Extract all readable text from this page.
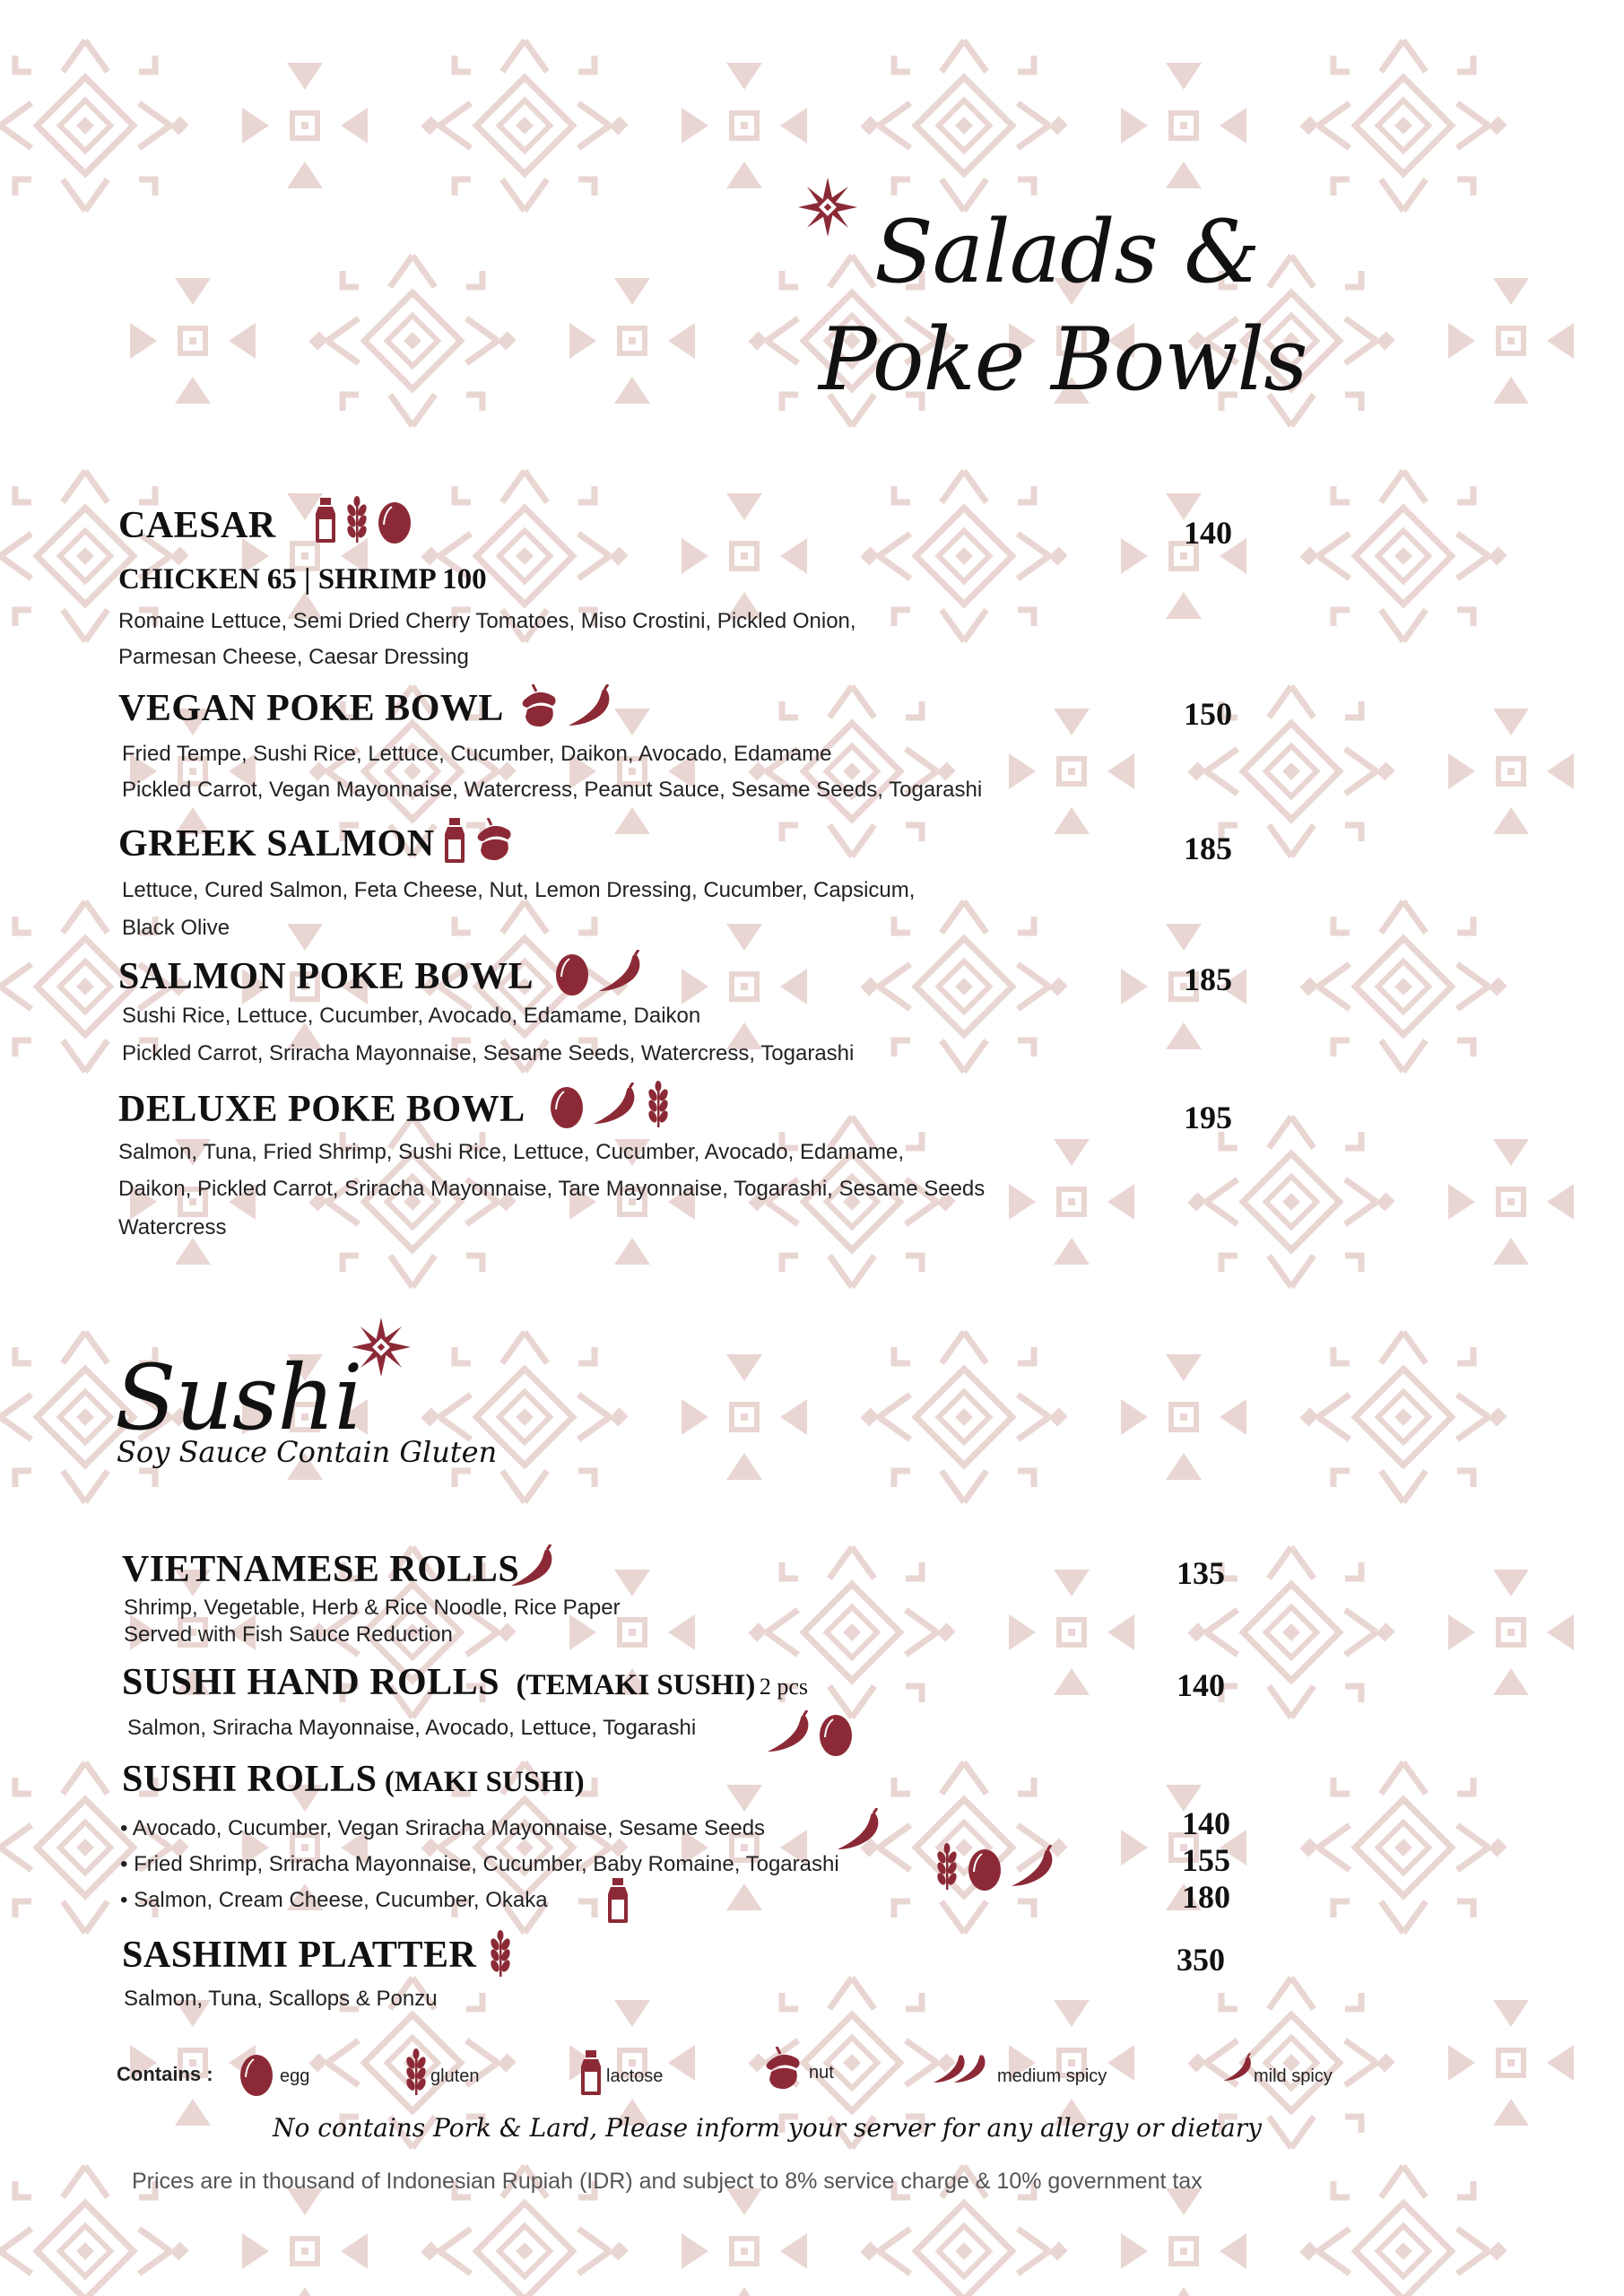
Salads &
Poke Bowls
CAESAR	140
CHICKEN 65 | SHRIMP 100
Romaine Lettuce, Semi Dried Cherry Tomatoes, Miso Crostini, Pickled Onion,
Parmesan Cheese, Caesar Dressing
VEGAN POKE BOWL	150
Fried Tempe, Sushi Rice, Lettuce, Cucumber, Daikon, Avocado, Edamame
Pickled Carrot, Vegan Mayonnaise, Watercress, Peanut Sauce, Sesame Seeds, Togarashi
GREEK SALMON	185
Lettuce, Cured Salmon, Feta Cheese, Nut, Lemon Dressing, Cucumber, Capsicum,
Black Olive
SALMON POKE BOWL	185
Sushi Rice, Lettuce, Cucumber, Avocado, Edamame, Daikon
Pickled Carrot, Sriracha Mayonnaise, Sesame Seeds, Watercress, Togarashi
DELUXE POKE BOWL	195
Salmon, Tuna, Fried Shrimp, Sushi Rice, Lettuce, Cucumber, Avocado, Edamame,
Daikon, Pickled Carrot, Sriracha Mayonnaise, Tare Mayonnaise, Togarashi, Sesame Seeds
Watercress
Sushi
Soy Sauce Contain Gluten
VIETNAMESE ROLLS	135
Shrimp, Vegetable, Herb & Rice Noodle, Rice Paper
Served with Fish Sauce Reduction
SUSHI HAND ROLLS (TEMAKI SUSHI) 2 pcs	140
Salmon, Sriracha Mayonnaise, Avocado, Lettuce, Togarashi
SUSHI ROLLS (MAKI SUSHI)
• Avocado, Cucumber, Vegan Sriracha Mayonnaise, Sesame Seeds	140
• Fried Shrimp, Sriracha Mayonnaise, Cucumber, Baby Romaine, Togarashi	155
• Salmon, Cream Cheese, Cucumber, Okaka	180
SASHIMI PLATTER	350
Salmon, Tuna, Scallops & Ponzu
Contains :	egg	gluten	lactose	nut	medium spicy	mild spicy
No contains Pork & Lard, Please inform your server for any allergy or dietary
Prices are in thousand of Indonesian Rupiah (IDR) and subject to 8% service charge & 10% government tax
